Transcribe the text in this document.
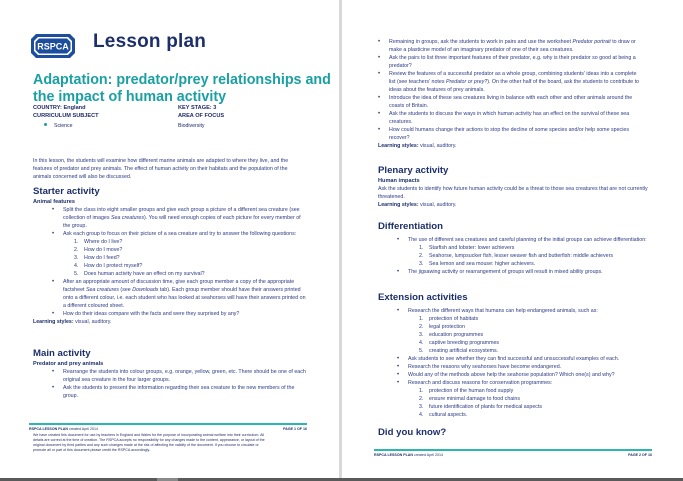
RSPCA Lesson plan
Adaptation: predator/prey relationships and the impact of human activity
COUNTRY: England
CURRICULUM SUBJECT
KEY STAGE: 3
AREA OF FOCUS
Science	Biodiversity

In this lesson, the students will examine how different marine animals are adapted to where they live, and the features of predator and prey animals. The effect of human activity on their habitats and the population of the animals concerned will also be discussed.

Starter activity
Animal features
• Split the class into eight smaller groups and give each group a picture of a different sea creature (see collection of images Sea creatures). You will need enough copies of each picture for every member of the group.
• Ask each group to focus on their picture of a sea creature and try to answer the following questions:
1.	Where do I live?
2.	How do I move?
3.	How do I feed?
4.	How do I protect myself?
5.	Does human activity have an effect on my survival?
• After an appropriate amount of discussion time, give each group member a copy of the appropriate factsheet Sea creatures (see Downloads tab). Each group member should have their answers printed onto a different colour, i.e. each student who has looked at seahorses will have their answers printed on a different coloured sheet.
• How do their ideas compare with the facts and were they surprised by any?
Learning styles: visual, auditory.
Main activity
Predator and prey animals
• Rearrange the students into colour groups, e.g. orange, yellow, green, etc. There should be one of each original sea creature in the four larger groups.
• Ask the students to present the information regarding their sea creature to the new members of the group.
RSPCA LESSON PLAN created April 2014	PAGE 1 OF 16
We have created this document for use by teachers in England and Wales for the purpose of incorporating animal welfare into their curriculum. All details are correct at the time of creation. The RSPCA accepts no responsibility for any changes made to the content, appearance, or layout of the original document by third parties and any such changes made at the risk of affecting the validity of the document. If you choose to circulate or promote all or part of this document please credit the RSPCA accordingly.
• Remaining in groups, ask the students to work in pairs and use the worksheet Predator portrait to draw or make a plasticine model of an imaginary predator of one of their sea creatures.
• Ask the pairs to list three important features of their predator, e.g. why is their predator so good at being a predator?
• Review the features of a successful predator as a whole group, combining students' ideas into a complete list (see teachers' notes Predator or prey?). On the other half of the board, ask the students to contribute to ideas about the features of prey animals.
• Introduce the idea of these sea creatures living in balance with each other and other animals around the coasts of Britain.
• Ask the students to discuss the ways in which human activity has an effect on the survival of these sea creatures.
• How could humans change their actions to stop the decline of some species and/or help some species recover?
Learning styles: visual, auditory.
Plenary activity
Human impacts

Ask the students to identify how future human activity could be a threat to those sea creatures that are not currently threatened.

Learning styles: visual, auditory.
Differentiation
• The use of different sea creatures and careful planning of the initial groups can achieve differentiation:
1.	Starfish and lobster: lower achievers
2.	Seahorse, lumpsucker fish, lesser weaver fish and butterfish: middle achievers
3.	Sea lemon and sea mouse: higher achievers.
• The jigsawing activity or rearrangement of groups will result in mixed ability groups.
Extension activities
• Research the different ways that humans can help endangered animals, such as:
1.	protection of habitats
2.	legal protection
3.	education programmes
4.	captive breeding programmes
5.	creating artificial ecosystems.
• Ask students to see whether they can find successful and unsuccessful examples of each.
• Research the reasons why seahorses have become endangered.
• Would any of the methods above help the seahorse population? Which one(s) and why?
• Research and discuss reasons for conservation programmes:
1.	protection of the human food supply
2.	ensure minimal damage to food chains
3.	future identification of plants for medical aspects
4.	cultural aspects.
Did you know?
RSPCA LESSON PLAN created April 2014	PAGE 2 OF 16
